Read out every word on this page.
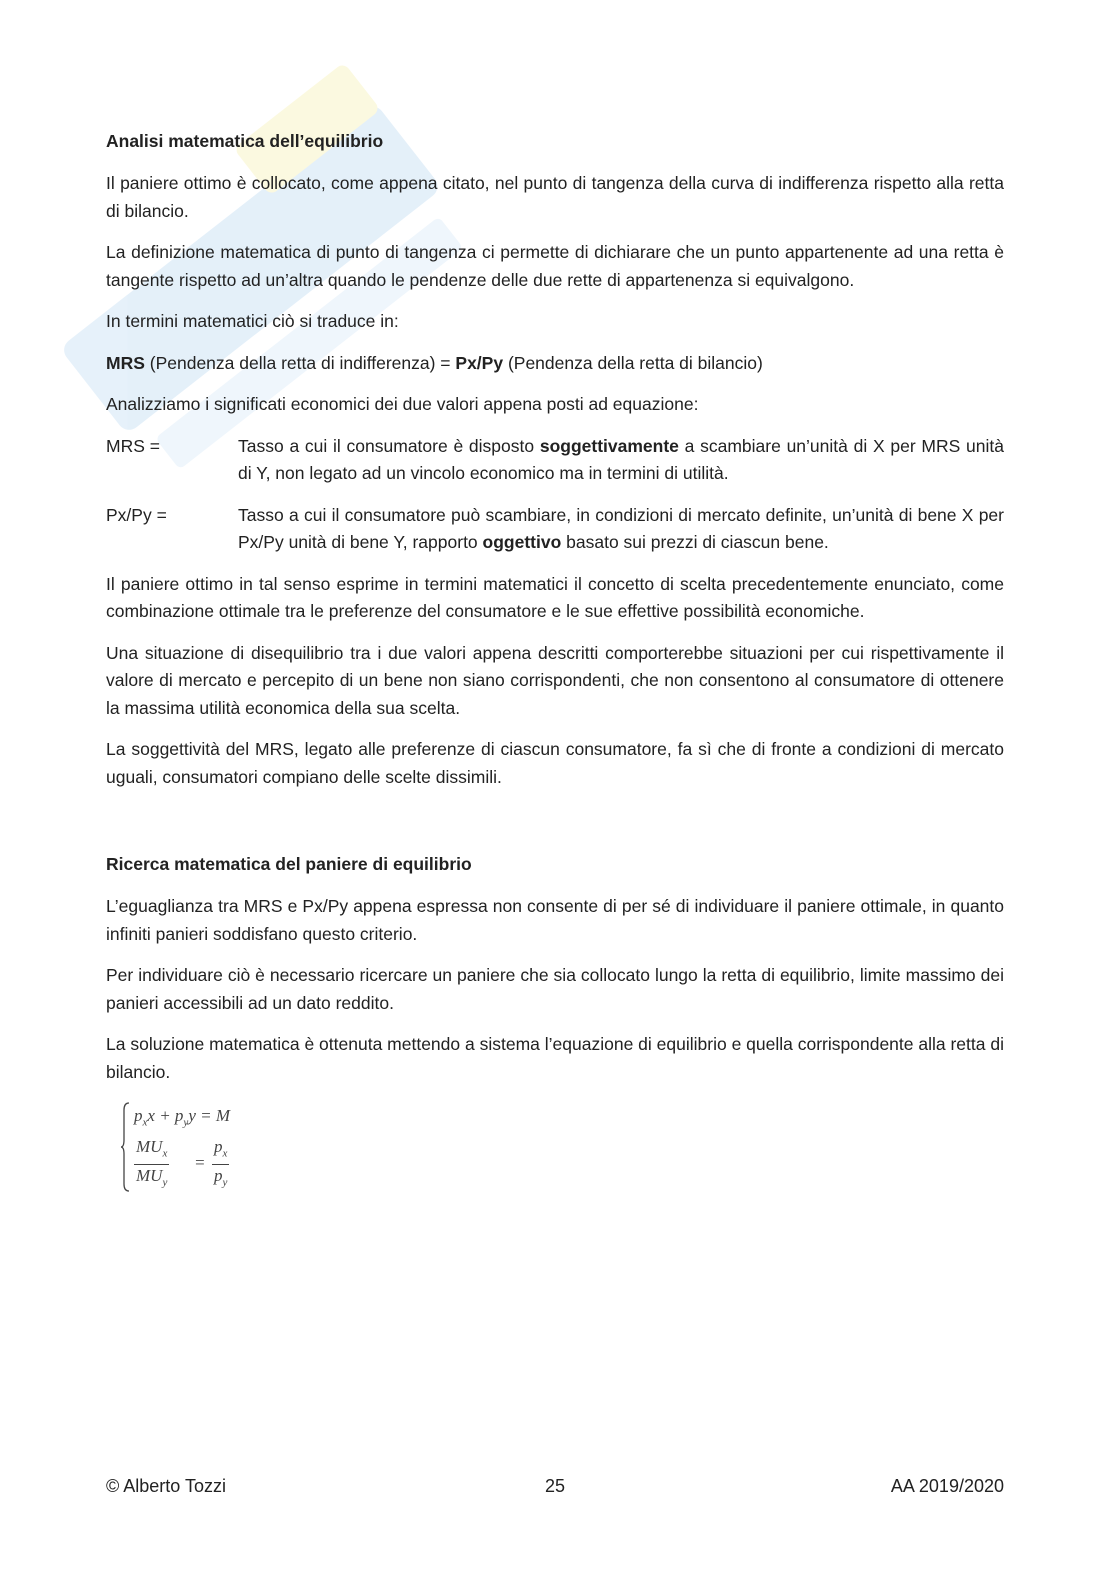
Analisi matematica dell’equilibrio

Il paniere ottimo è collocato, come appena citato, nel punto di tangenza della curva di indifferenza rispetto alla retta di bilancio.

La definizione matematica di punto di tangenza ci permette di dichiarare che un punto appartenente ad una retta è tangente rispetto ad un’altra quando le pendenze delle due rette di appartenenza si equivalgono.

In termini matematici ciò si traduce in:

MRS (Pendenza della retta di indifferenza) = Px/Py (Pendenza della retta di bilancio)

Analizziamo i significati economici dei due valori appena posti ad equazione:

MRS =	Tasso a cui il consumatore è disposto soggettivamente a scambiare un’unità di X per MRS unità di Y, non legato ad un vincolo economico ma in termini di utilità.
Px/Py =	Tasso a cui il consumatore può scambiare, in condizioni di mercato definite, un’unità di bene X per Px/Py unità di bene Y, rapporto oggettivo basato sui prezzi di ciascun bene.

Il paniere ottimo in tal senso esprime in termini matematici il concetto di scelta precedentemente enunciato, come combinazione ottimale tra le preferenze del consumatore e le sue effettive possibilità economiche.

Una situazione di disequilibrio tra i due valori appena descritti comporterebbe situazioni per cui rispettivamente il valore di mercato e percepito di un bene non siano corrispondenti, che non consentono al consumatore di ottenere la massima utilità economica della sua scelta.

La soggettività del MRS, legato alle preferenze di ciascun consumatore, fa sì che di fronte a condizioni di mercato uguali, consumatori compiano delle scelte dissimili.

Ricerca matematica del paniere di equilibrio

L’eguaglianza tra MRS e Px/Py appena espressa non consente di per sé di individuare il paniere ottimale, in quanto infiniti panieri soddisfano questo criterio.

Per individuare ciò è necessario ricercare un paniere che sia collocato lungo la retta di equilibrio, limite massimo dei panieri accessibili ad un dato reddito.

La soluzione matematica è ottenuta mettendo a sistema l’equazione di equilibrio e quella corrispondente alla retta di bilancio.

$p_xx + p_yy = M$
$MU_x$
$MU_y$
= $\frac{p_x}{p_y}$
© Alberto Tozzi	25	AA 2019/2020
